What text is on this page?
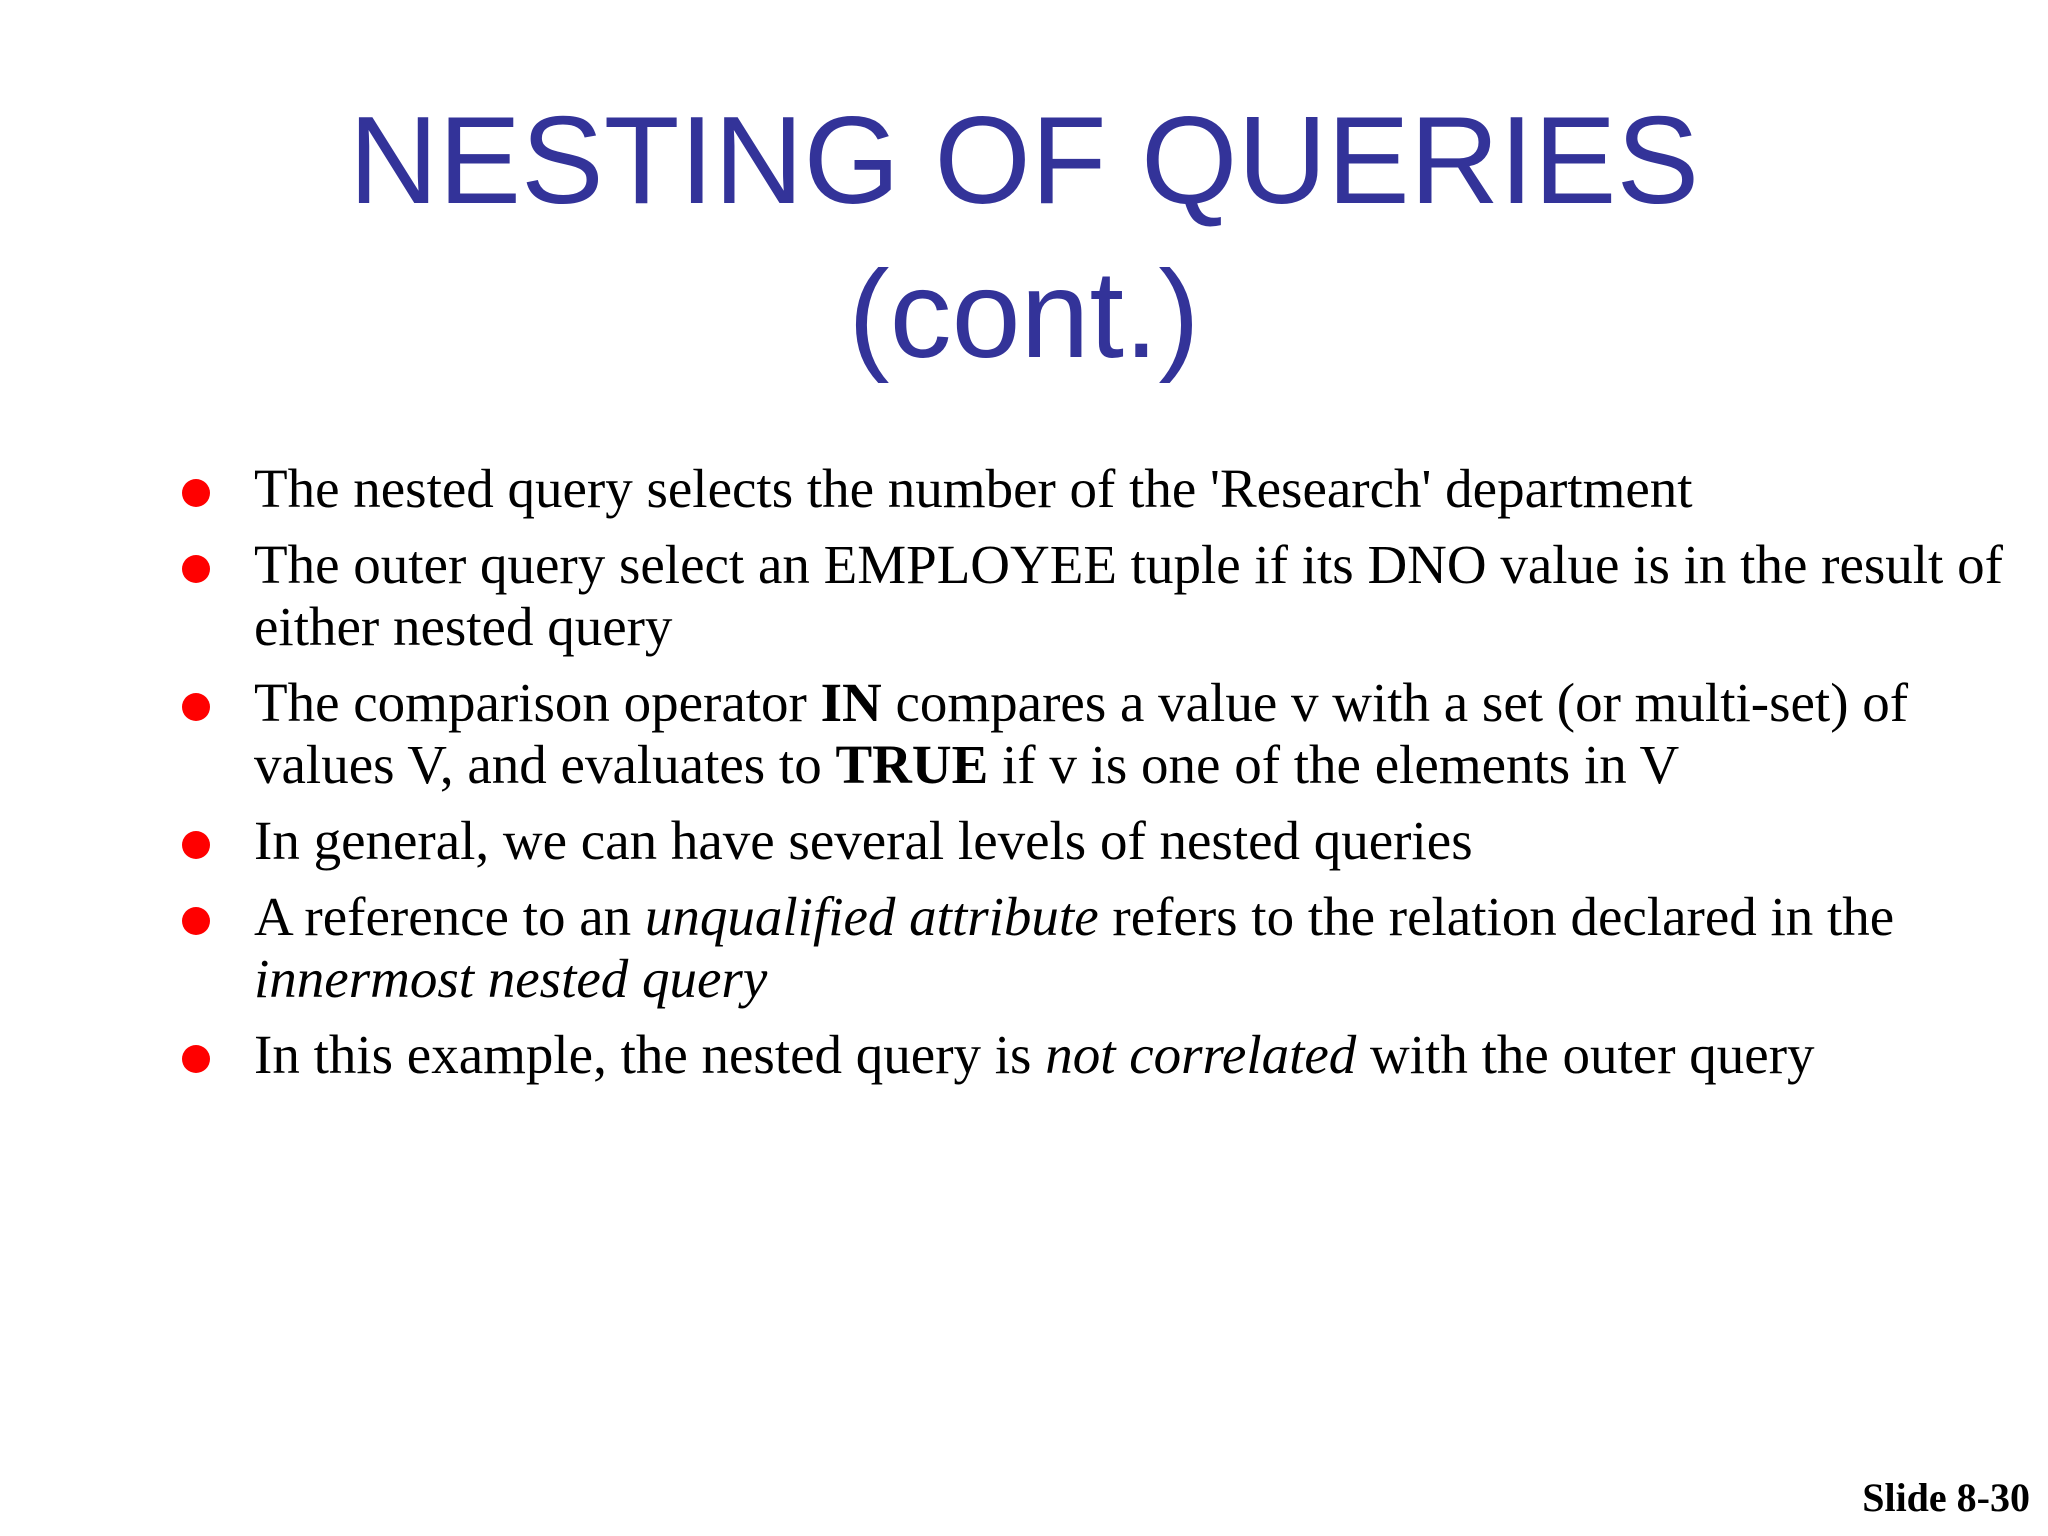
NESTING OF QUERIES
(cont.)
The nested query selects the number of the 'Research' department
The outer query select an EMPLOYEE tuple if its DNO value is in the result of either nested query
The comparison operator IN compares a value v with a set (or multi-set) of values V, and evaluates to TRUE if v is one of the elements in V
In general, we can have several levels of nested queries
A reference to an unqualified attribute refers to the relation declared in the innermost nested query
In this example, the nested query is not correlated with the outer query
Slide 8-30
